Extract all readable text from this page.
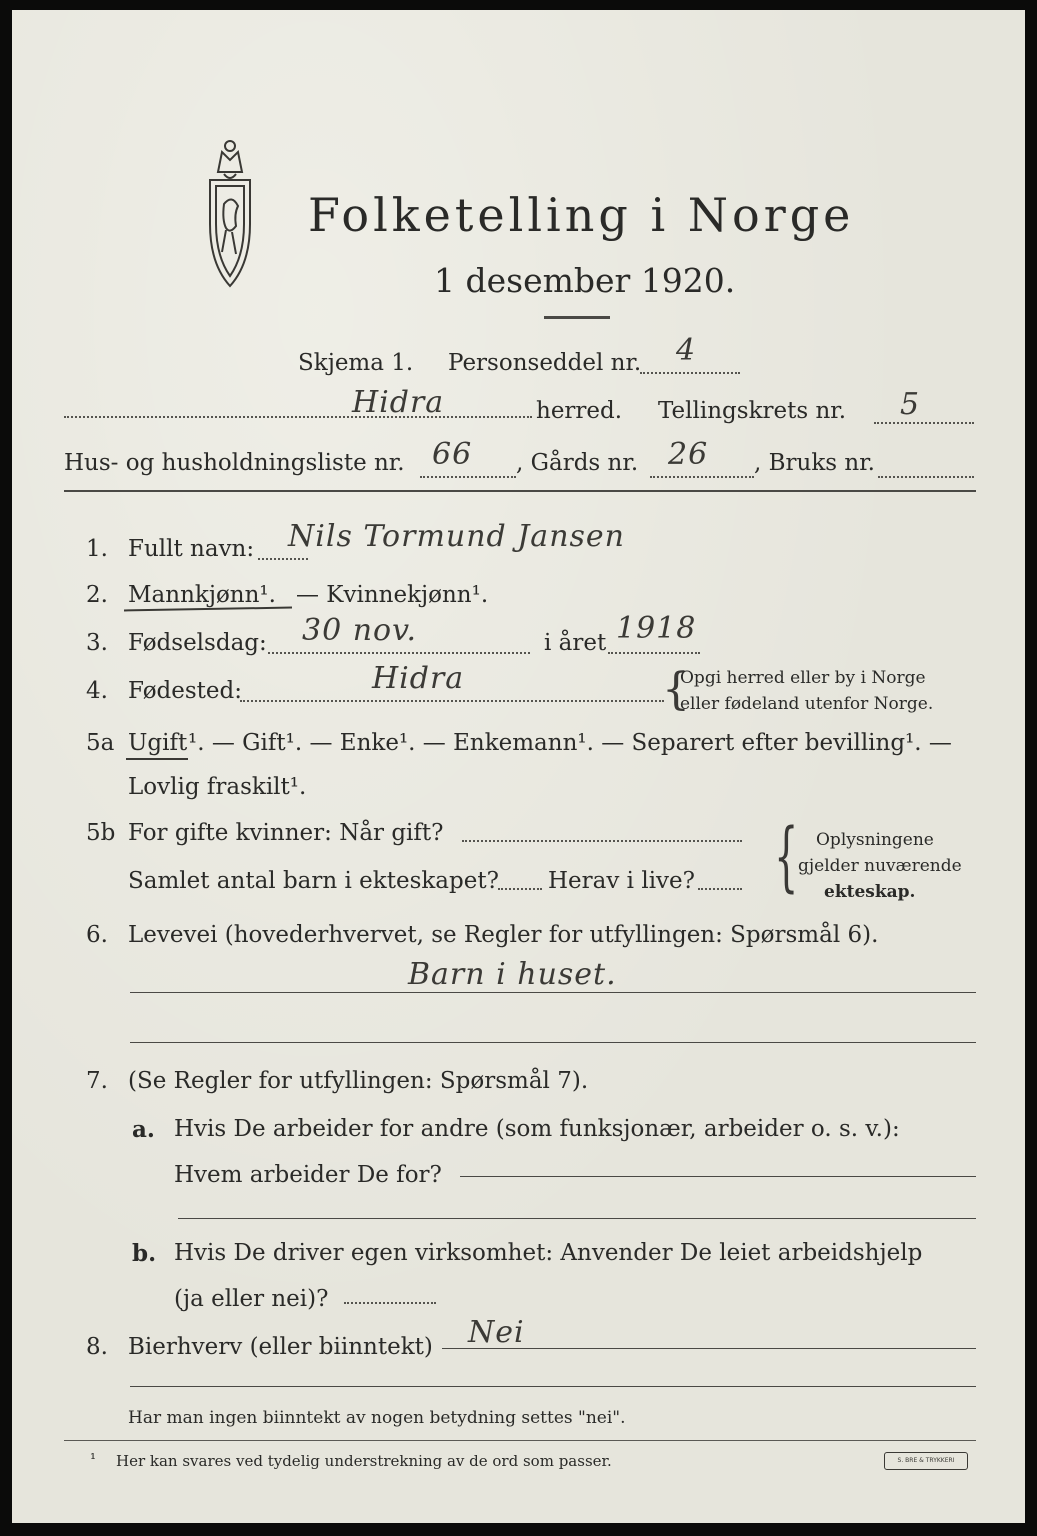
Folketelling i Norge
1 desember 1920.
Skjema 1. Personseddel nr. 4
Hidra	herred. Tellingskrets nr. 5
Hus- og husholdningsliste nr. 66 , Gårds nr. 26 , Bruks nr.
1. Fullt navn: Nils Tormund Jansen
2. Mannkjønn¹. — Kvinnekjønn¹.
3. Fødselsdag: 30 nov.	i året 1918
4. Fødested:	Hidra	{
Opgi herred eller by i Norge
eller fødeland utenfor Norge.
5a Ugift ¹. — Gift¹. — Enke¹. — Enkemann¹. — Separert efter bevilling¹. —
Lovlig fraskilt¹.
5b For gifte kvinner: Når gift?
Samlet antal barn i ekteskapet? Herav i live? { Oplysningene
gjelder nuværende
ekteskap.
6. Levevei (hovederhvervet, se Regler for utfyllingen: Spørsmål 6).
Barn i huset.
7. (Se Regler for utfyllingen: Spørsmål 7).
a. Hvis De arbeider for andre (som funksjonær, arbeider o. s. v.):
Hvem arbeider De for?
b. Hvis De driver egen virksomhet: Anvender De leiet arbeidshjelp
(ja eller nei)?
8. Bierhverv (eller biinntekt) Nei
Har man ingen biinntekt av nogen betydning settes "nei".
¹ Her kan svares ved tydelig understrekning av de ord som passer.	S. BRE & TRYKKERI
